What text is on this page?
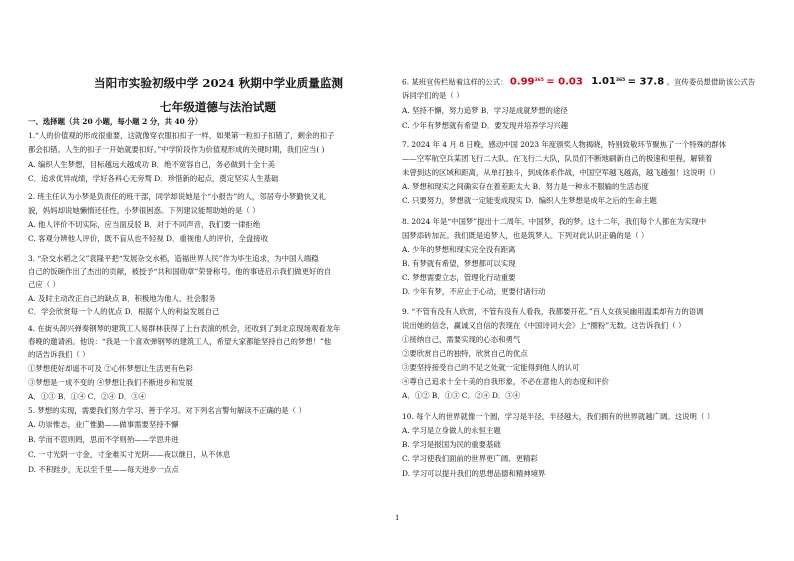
当阳市实验初级中学 2024 秋期中学业质量监测
七年级道德与法治试题
一、选择题（共 20 小题，每小题 2 分，共 40 分）
1.“人的价值观的形成很重要，这就像穿衣服扣扣子一样，如果第一粒扣子扣错了，剩余的扣子
都会扣错。人生的扣子一开始就要扣好。”中学阶段作为价值观形成的关键时期，我们应当( )
A. 编织人生梦想，目标越远大越成功 B．绝不宽容自己，务必做到十全十美
C．追求优异成绩，学好各科心无旁骛 D．珍惜新的起点，奠定坚实人生基础
2. 班主任认为小梦是负责任的班干部，同学却说她是个“小报告”的人，邻居夸小梦勤快又礼
貌，妈妈却说她懒惰还任性，小梦很困惑。下列建议能帮助她的是（ ）
A. 他人评价不切实际，应当面反驳 B．对于不同声音，我们要一律拒绝
C. 客观分辨他人评价，既不盲从也不轻视 D．重视他人的评价，全盘接收
3. “杂交水稻之父”袁隆平把“发展杂交水稻，造福世界人民”作为毕生追求，为中国人端稳
自己的饭碗作出了杰出的贡献，被授予“共和国勋章”荣誉称号。他的事迹启示我们做更好的自
己应（ ）
A. 及时主动改正自己的缺点 B．积极地为他人、社会服务
C．学会欣赏每一个人的优点 D．根据个人的利益发展自己
4. 在街头卸兴弹奏钢琴的建筑工人易群林获得了上台表演的机会，还收到了到北京现场观看龙年
春晚的邀请函。他说：“我是一个喜欢弹钢琴的建筑工人，希望大家都能坚持自己的梦想！”他
的话告诉我们（ ）
①梦想使好却遥不可及 ②心怀梦想让生活更有色彩
③梦想是一成不变的 ④梦想让我们不断进步和发展
A．①③ B．①④ C．②④ D．③④
5. 梦想的实现，需要我们努力学习、善于学习。对下列名言警句解读不正确的是（ ）
A. 功崇惟志，业广惟勤——做事需要坚持不懈
B. 学而不思则罔，思而不学则殆——学思并进
C. 一寸光阴一寸金，寸金难买寸光阴——夜以继日，从不休息
D. 不积跬步，无以至千里——每天进步一点点
6. 某班宣传栏贴着这样的公式： $0.99^{365} = 0.03$ $1.01^{365} = 37.8$ 。宣传委员想借助该公式告
诉同学们的是（ ）
A. 坚持不懈，努力追梦 B．学习是成就梦想的途径
C. 少年有梦想就有希望 D．要发现并培养学习兴趣
7. 2024 年 4 月 8 日晚，感动中国 2023 年度颁奖人物揭晓，特别致敬环节聚焦了一个特殊的群体
——空军航空兵某团飞行二大队。在飞行二大队，队员们不断地刷新自己的极速和里程，解锁着
未曾到达的区域和距离，从单打独斗，到成体系作战，中国空军越飞越高，越飞越强！这说明（）
A. 梦想和现实之间确实存在着差距太大 B．努力是一种永不服输的生活态度
C. 只要努力，梦想就一定能变成现实 D．编织人生梦想是成年之后的生命主题
8. 2024 年是“中国梦”提出十二周年。中国梦，我的梦。这十二年，我们每个人都在为实现中
国梦添砖加瓦。我们既是追梦人，也是筑梦人。下列对此认识正确的是（ ）
A. 少年的梦想和现实完全没有距离
B. 有梦就有希望，梦想都可以实现
C. 梦想需要立志，管理化行动重要
D. 少年有梦，不应止于心动，更要付诸行动
9. “不管有没有人欣赏，不管有没有人看我，我都要开花。”百人女孩吴幽用温柔却有力的语调
说出她的信念，赢诚又自信的表现在《中国诗词大会》上“圈粉”无数。这告诉我们（ ）
①接纳自己，需要实现的心态和勇气
②要欣赏自己的独特，欣赏自己的优点
③要坚持接受自己的不足之处就一定能得到他人的认可
④尊自己追求十全十美的自我形象，不必在意他人的态度和评价
A．①② B．①③ C．②④ D．③④
10. 每个人的世界就像一个圆，学习是半径，半径越大，我们拥有的世界就越广阔。这说明（ ）
A. 学习是立身做人的永恒主题
B. 学习是报国为民的重要基础
C. 学习使我们面前的世界更广阔、更精彩
D. 学习可以提升我们的思想品德和精神境界
1
